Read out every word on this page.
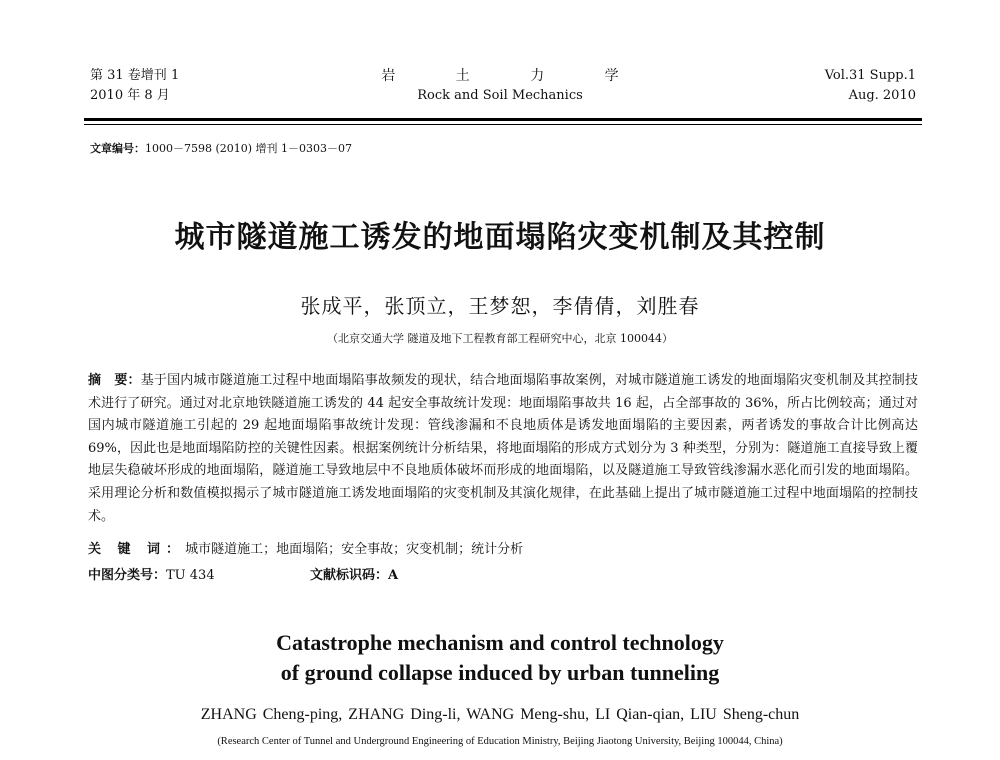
第 31 卷增刊 1
2010 年 8 月
岩 土 力 学
Rock and Soil Mechanics
Vol.31 Supp.1
Aug. 2010
文章编号：1000－7598 (2010) 增刊 1－0303－07
城市隧道施工诱发的地面塌陷灾变机制及其控制
张成平，张顶立，王梦恕，李倩倩，刘胜春
（北京交通大学 隧道及地下工程教育部工程研究中心，北京 100044）
摘　要：基于国内城市隧道施工过程中地面塌陷事故频发的现状，结合地面塌陷事故案例，对城市隧道施工诱发的地面塌陷灾变机制及其控制技术进行了研究。通过对北京地铁隧道施工诱发的 44 起安全事故统计发现：地面塌陷事故共 16 起，占全部事故的 36%，所占比例较高；通过对国内城市隧道施工引起的 29 起地面塌陷事故统计发现：管线渗漏和不良地质体是诱发地面塌陷的主要因素，两者诱发的事故合计比例高达 69%，因此也是地面塌陷防控的关键性因素。根据案例统计分析结果，将地面塌陷的形成方式划分为 3 种类型，分别为：隧道施工直接导致上覆地层失稳破坏形成的地面塌陷，隧道施工导致地层中不良地质体破坏而形成的地面塌陷，以及隧道施工导致管线渗漏水恶化而引发的地面塌陷。采用理论分析和数值模拟揭示了城市隧道施工诱发地面塌陷的灾变机制及其演化规律，在此基础上提出了城市隧道施工过程中地面塌陷的控制技术。
关 键 词：城市隧道施工；地面塌陷；安全事故；灾变机制；统计分析
中图分类号：TU 434	文献标识码：A
Catastrophe mechanism and control technology
of ground collapse induced by urban tunneling
ZHANG Cheng-ping, ZHANG Ding-li, WANG Meng-shu, LI Qian-qian, LIU Sheng-chun
(Research Center of Tunnel and Underground Engineering of Education Ministry, Beijing Jiaotong University, Beijing 100044, China)
